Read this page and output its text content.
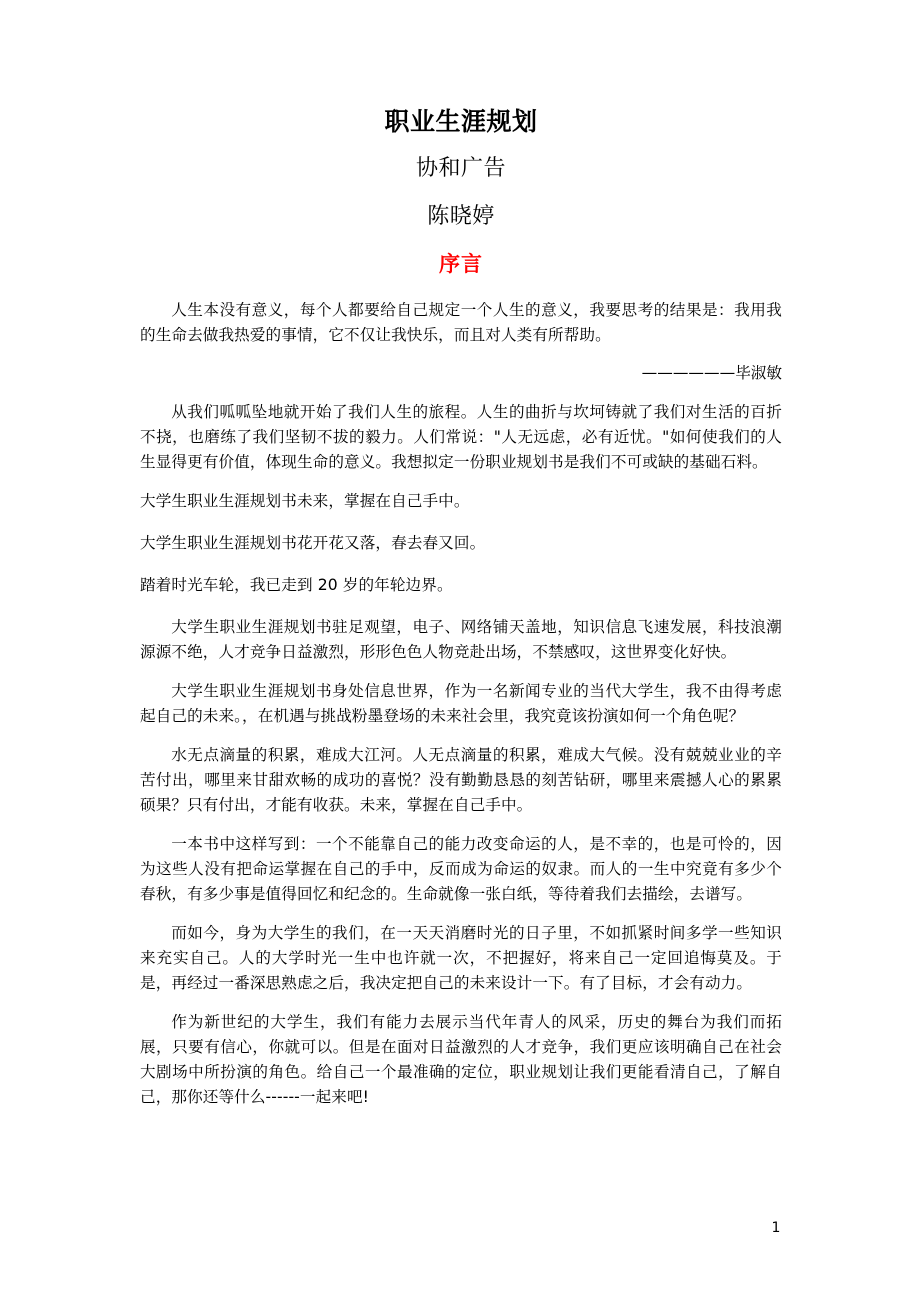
职业生涯规划
协和广告
陈晓婷
序言

人生本没有意义，每个人都要给自己规定一个人生的意义，我要思考的结果是：我用我的生命去做我热爱的事情，它不仅让我快乐，而且对人类有所帮助。

——————毕淑敏

从我们呱呱坠地就开始了我们人生的旅程。人生的曲折与坎坷铸就了我们对生活的百折不挠，也磨练了我们坚韧不拔的毅力。人们常说："人无远虑，必有近忧。"如何使我们的人生显得更有价值，体现生命的意义。我想拟定一份职业规划书是我们不可或缺的基础石料。

大学生职业生涯规划书未来，掌握在自己手中。

大学生职业生涯规划书花开花又落，春去春又回。

踏着时光车轮，我已走到 20 岁的年轮边界。

大学生职业生涯规划书驻足观望，电子、网络铺天盖地，知识信息飞速发展，科技浪潮源源不绝，人才竞争日益激烈，形形色色人物竞赴出场，不禁感叹，这世界变化好快。

大学生职业生涯规划书身处信息世界，作为一名新闻专业的当代大学生，我不由得考虑起自己的未来。，在机遇与挑战粉墨登场的未来社会里，我究竟该扮演如何一个角色呢？

水无点滴量的积累，难成大江河。人无点滴量的积累，难成大气候。没有兢兢业业的辛苦付出，哪里来甘甜欢畅的成功的喜悦？没有勤勤恳恳的刻苦钻研，哪里来震撼人心的累累硕果？只有付出，才能有收获。未来，掌握在自己手中。

一本书中这样写到：一个不能靠自己的能力改变命运的人，是不幸的，也是可怜的，因为这些人没有把命运掌握在自己的手中，反而成为命运的奴隶。而人的一生中究竟有多少个春秋，有多少事是值得回忆和纪念的。生命就像一张白纸，等待着我们去描绘，去谱写。

而如今，身为大学生的我们，在一天天消磨时光的日子里，不如抓紧时间多学一些知识来充实自己。人的大学时光一生中也许就一次，不把握好，将来自己一定回追悔莫及。于是，再经过一番深思熟虑之后，我决定把自己的未来设计一下。有了目标，才会有动力。

作为新世纪的大学生，我们有能力去展示当代年青人的风采，历史的舞台为我们而拓展，只要有信心，你就可以。但是在面对日益激烈的人才竞争，我们更应该明确自己在社会大剧场中所扮演的角色。给自己一个最准确的定位，职业规划让我们更能看清自己，了解自己，那你还等什么------一起来吧!

1
